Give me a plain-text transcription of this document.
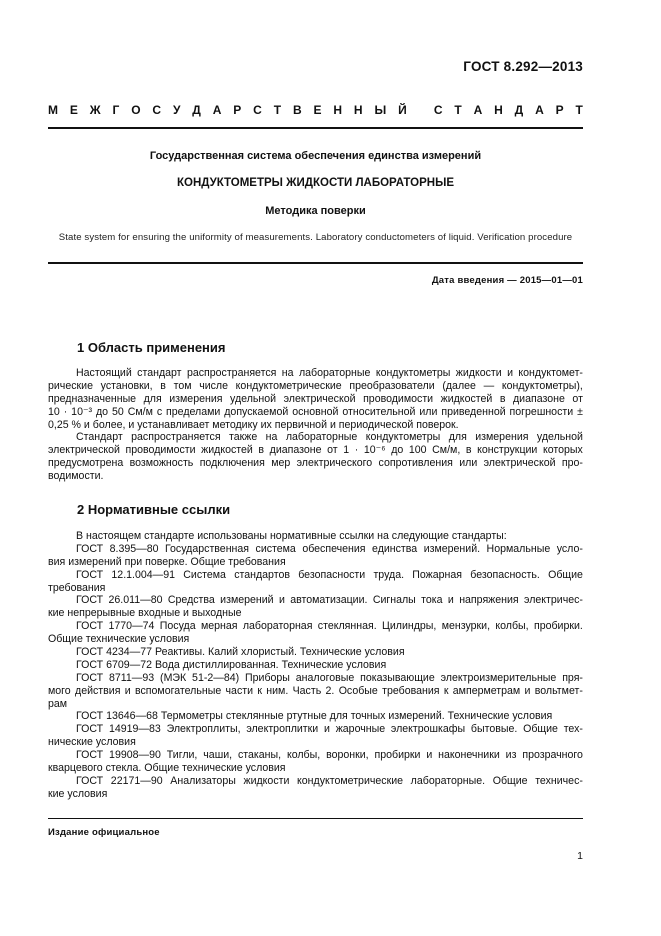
ГОСТ 8.292—2013
М Е Ж Г О С У Д А Р С Т В Е Н Н Ы Й
С Т А Н Д А Р Т
Государственная система обеспечения единства измерений
КОНДУКТОМЕТРЫ ЖИДКОСТИ ЛАБОРАТОРНЫЕ
Методика поверки
State system for ensuring the uniformity of measurements. Laboratory conductometers of liquid. Verification procedure
Дата введения — 2015—01—01
1 Область применения
Настоящий стандарт распространяется на лабораторные кондуктометры жидкости и кондуктомет-
рические установки, в том числе кондуктометрические преобразователи (далее — кондуктометры),
предназначенные для измерения удельной электрической проводимости жидкостей в диапазоне от
10 · 10⁻³ до 50 См/м с пределами допускаемой основной относительной или приведенной погрешности ±
0,25 % и более, и устанавливает методику их первичной и периодической поверок.
Стандарт распространяется также на лабораторные кондуктометры для измерения удельной
электрической проводимости жидкостей в диапазоне от 1 · 10⁻⁶ до 100 См/м, в конструкции которых
предусмотрена возможность подключения мер электрического сопротивления или электрической про-
водимости.
2 Нормативные ссылки
В настоящем стандарте использованы нормативные ссылки на следующие стандарты:
ГОСТ 8.395—80 Государственная система обеспечения единства измерений. Нормальные усло-
вия измерений при поверке. Общие требования
ГОСТ 12.1.004—91 Система стандартов безопасности труда. Пожарная безопасность. Общие
требования
ГОСТ 26.011—80 Средства измерений и автоматизации. Сигналы тока и напряжения электричес-
кие непрерывные входные и выходные
ГОСТ 1770—74 Посуда мерная лабораторная стеклянная. Цилиндры, мензурки, колбы, пробирки.
Общие технические условия
ГОСТ 4234—77 Реактивы. Калий хлористый. Технические условия
ГОСТ 6709—72 Вода дистиллированная. Технические условия
ГОСТ 8711—93 (МЭК 51-2—84) Приборы аналоговые показывающие электроизмерительные пря-
мого действия и вспомогательные части к ним. Часть 2. Особые требования к амперметрам и вольтмет-
рам
ГОСТ 13646—68 Термометры стеклянные ртутные для точных измерений. Технические условия
ГОСТ 14919—83 Электроплиты, электроплитки и жарочные электрошкафы бытовые. Общие тех-
нические условия
ГОСТ 19908—90 Тигли, чаши, стаканы, колбы, воронки, пробирки и наконечники из прозрачного
кварцевого стекла. Общие технические условия
ГОСТ 22171—90 Анализаторы жидкости кондуктометрические лабораторные. Общие техничес-
кие условия
Издание официальное
1
